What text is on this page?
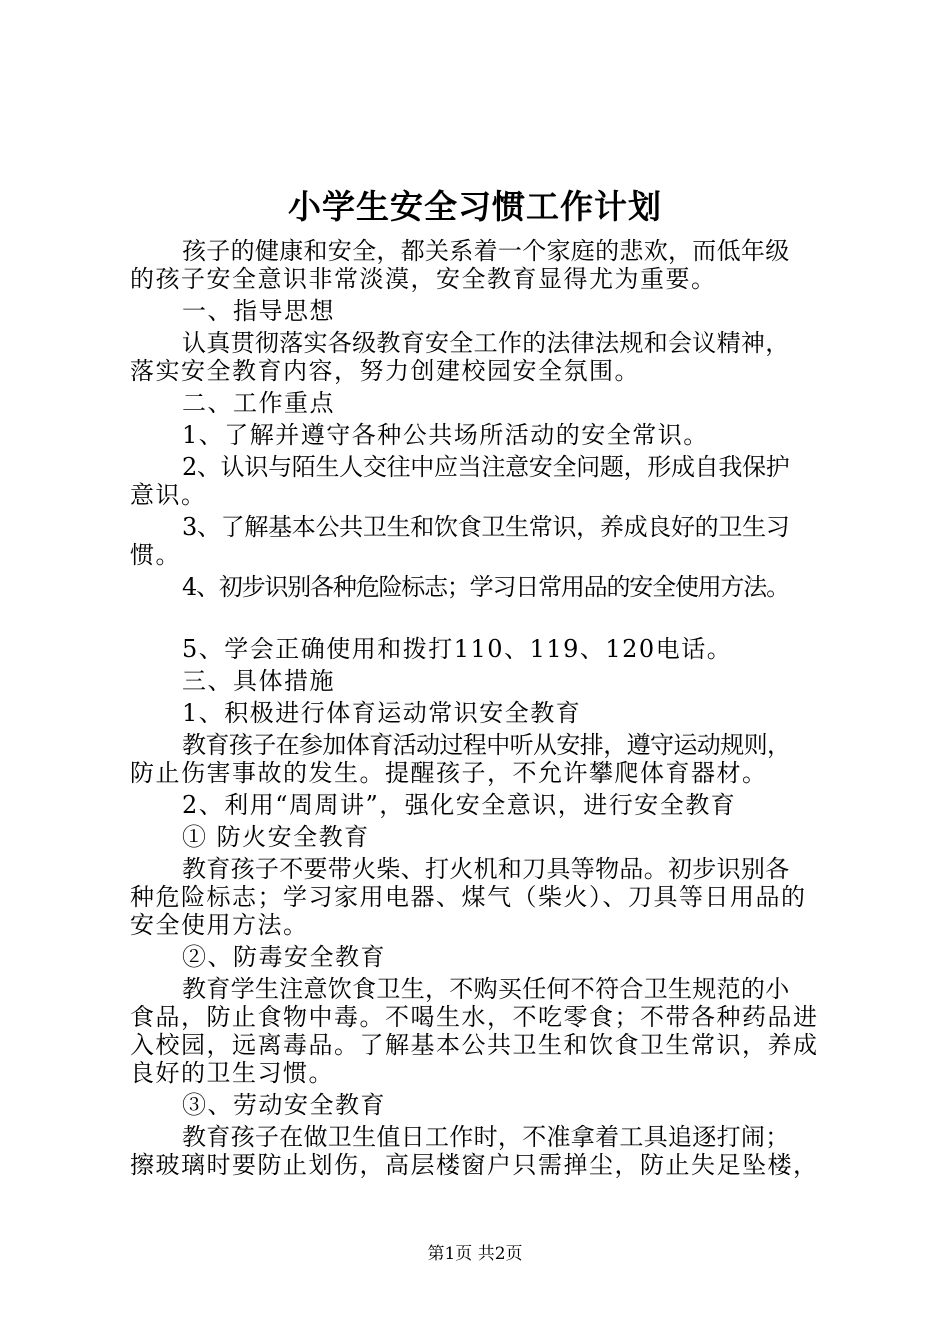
小学生安全习惯工作计划
孩子的健康和安全，都关系着一个家庭的悲欢，而低年级
的孩子安全意识非常淡漠，安全教育显得尤为重要。
一、指导思想
认真贯彻落实各级教育安全工作的法律法规和会议精神，
落实安全教育内容，努力创建校园安全氛围。
二、工作重点
1、了解并遵守各种公共场所活动的安全常识。
2、认识与陌生人交往中应当注意安全问题，形成自我保护
意识。
3、了解基本公共卫生和饮食卫生常识，养成良好的卫生习
惯。
4、初步识别各种危险标志；学习日常用品的安全使用方法。
5、学会正确使用和拨打110、119、120电话。
三、具体措施
1、积极进行体育运动常识安全教育
教育孩子在参加体育活动过程中听从安排，遵守运动规则，
防止伤害事故的发生。提醒孩子，不允许攀爬体育器材。
2、利用“周周讲”，强化安全意识，进行安全教育
① 防火安全教育
教育孩子不要带火柴、打火机和刀具等物品。初步识别各
种危险标志；学习家用电器、煤气（柴火）、刀具等日用品的
安全使用方法。
②、防毒安全教育
教育学生注意饮食卫生，不购买任何不符合卫生规范的小
食品，防止食物中毒。不喝生水，不吃零食；不带各种药品进
入校园，远离毒品。了解基本公共卫生和饮食卫生常识，养成
良好的卫生习惯。
③、劳动安全教育
教育孩子在做卫生值日工作时，不准拿着工具追逐打闹；
擦玻璃时要防止划伤，高层楼窗户只需掸尘，防止失足坠楼，
第1页 共2页
